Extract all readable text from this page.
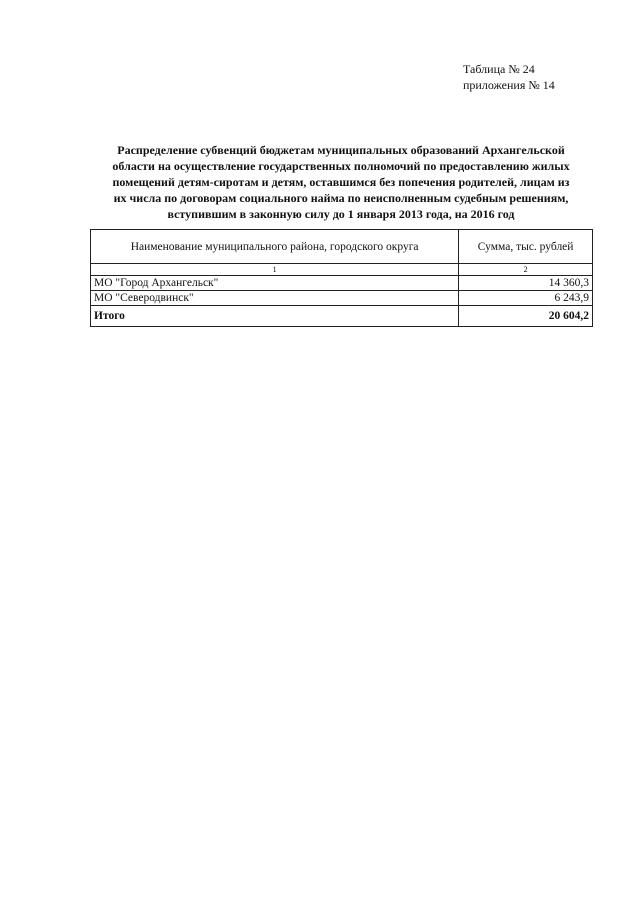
Таблица № 24
приложения № 14
Распределение субвенций бюджетам муниципальных образований Архангельской
области на осуществление государственных полномочий по предоставлению жилых
помещений детям-сиротам и детям, оставшимся без попечения родителей, лицам из
их числа по договорам социального найма по неисполненным судебным решениям,
вступившим в законную силу до 1 января 2013 года, на 2016 год
Наименование муниципального района, городского округа	Сумма, тыс. рублей
1	2
МО "Город Архангельск"	14 360,3
МО "Северодвинск"	6 243,9
Итого	20 604,2
